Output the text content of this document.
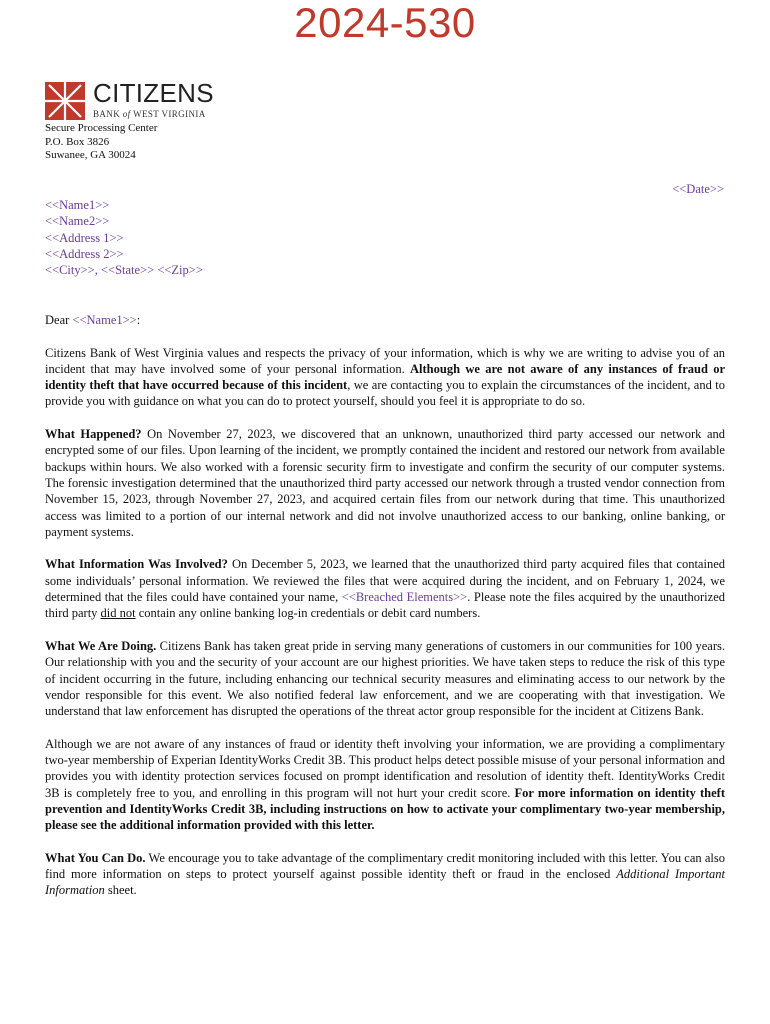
2024-530
CITIZENS
BANK of WEST VIRGINIA
Secure Processing Center
P.O. Box 3826
Suwanee, GA 30024
<<Date>>
<<Name1>>
<<Name2>>
<<Address 1>>
<<Address 2>>
<<City>>, <<State>> <<Zip>>

Dear <<Name1>>:

Citizens Bank of West Virginia values and respects the privacy of your information, which is why we are writing to advise you of an incident that may have involved some of your personal information. Although we are not aware of any instances of fraud or identity theft that have occurred because of this incident, we are contacting you to explain the circumstances of the incident, and to provide you with guidance on what you can do to protect yourself, should you feel it is appropriate to do so.

What Happened? On November 27, 2023, we discovered that an unknown, unauthorized third party accessed our network and encrypted some of our files. Upon learning of the incident, we promptly contained the incident and restored our network from available backups within hours. We also worked with a forensic security firm to investigate and confirm the security of our computer systems. The forensic investigation determined that the unauthorized third party accessed our network through a trusted vendor connection from November 15, 2023, through November 27, 2023, and acquired certain files from our network during that time. This unauthorized access was limited to a portion of our internal network and did not involve unauthorized access to our banking, online banking, or payment systems.

What Information Was Involved? On December 5, 2023, we learned that the unauthorized third party acquired files that contained some individuals’ personal information. We reviewed the files that were acquired during the incident, and on February 1, 2024, we determined that the files could have contained your name, <<Breached Elements>>. Please note the files acquired by the unauthorized third party did not contain any online banking log-in credentials or debit card numbers.

What We Are Doing. Citizens Bank has taken great pride in serving many generations of customers in our communities for 100 years. Our relationship with you and the security of your account are our highest priorities. We have taken steps to reduce the risk of this type of incident occurring in the future, including enhancing our technical security measures and eliminating access to our network by the vendor responsible for this event. We also notified federal law enforcement, and we are cooperating with that investigation. We understand that law enforcement has disrupted the operations of the threat actor group responsible for the incident at Citizens Bank.

Although we are not aware of any instances of fraud or identity theft involving your information, we are providing a complimentary two-year membership of Experian IdentityWorks Credit 3B. This product helps detect possible misuse of your personal information and provides you with identity protection services focused on prompt identification and resolution of identity theft. IdentityWorks Credit 3B is completely free to you, and enrolling in this program will not hurt your credit score. For more information on identity theft prevention and IdentityWorks Credit 3B, including instructions on how to activate your complimentary two-year membership, please see the additional information provided with this letter.

What You Can Do. We encourage you to take advantage of the complimentary credit monitoring included with this letter. You can also find more information on steps to protect yourself against possible identity theft or fraud in the enclosed Additional Important Information sheet.
